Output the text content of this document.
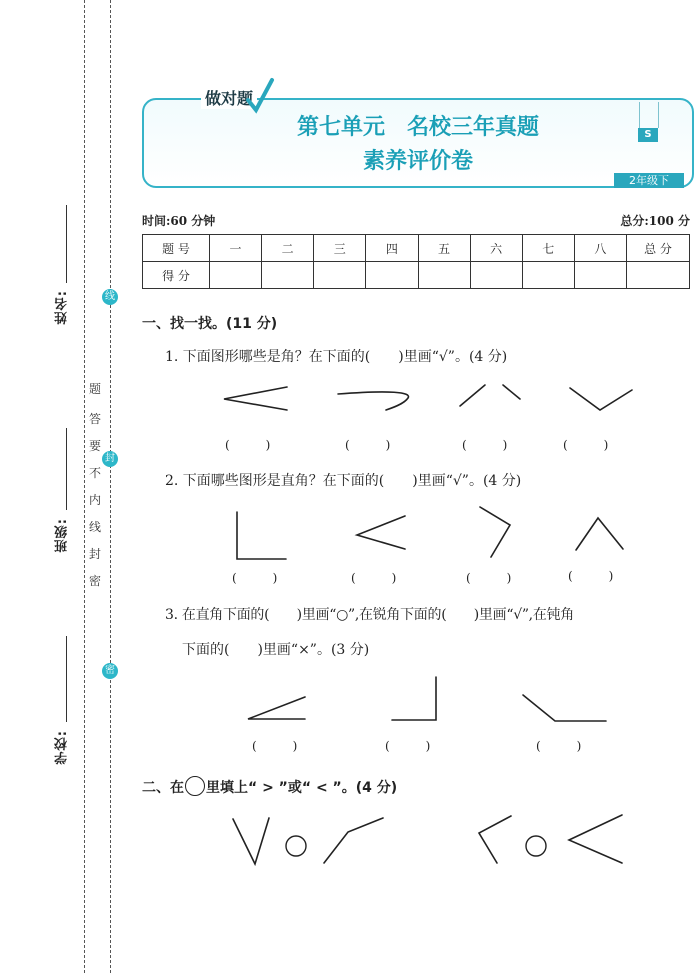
姓名:
班级:
学校:
密
封
线
内
不
要
答
题
线
封
密
第七单元　名校三年真题
素养评价卷
S
2年级下
做对题
时间:60 分钟	总分:100 分
题 号	一	二	三	四	五	六	七	八	总 分
得 分									
一、找一找。(11 分)
1. 下面图形哪些是角？在下面的(　　)里画“√”。(4 分)
(　　　)	(　　　)	(　　　)	(　　　)
2. 下面哪些图形是直角？在下面的(　　)里画“√”。(4 分)
(　　　)	(　　　)	(　　　)	(　　　)
3. 在直角下面的(　　)里画“○”,在锐角下面的(　　)里画“√”,在钝角
下面的(　　)里画“×”。(3 分)
(　　　)	(　　　)	(　　　)
二、在 里填上“ > ”或“ < ”。(4 分)
